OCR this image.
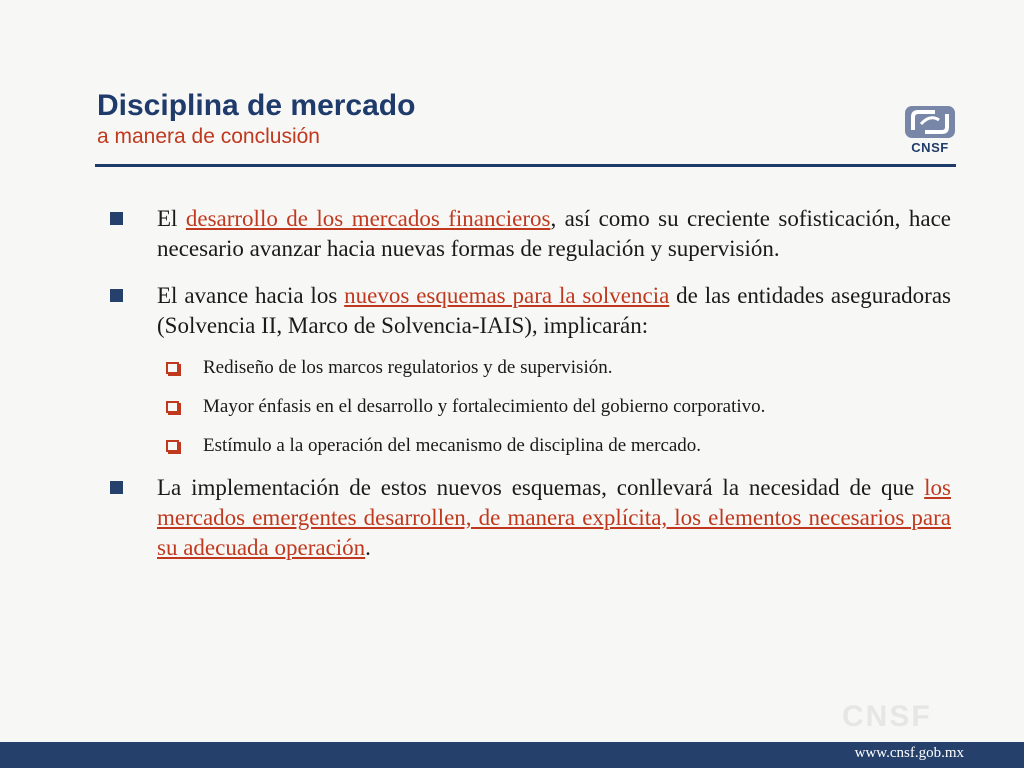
Disciplina de mercado

a manera de conclusión	CNSF

El desarrollo de los mercados financieros, así como su creciente sofisticación, hace necesario avanzar hacia nuevas formas de regulación y supervisión.

El avance hacia los nuevos esquemas para la solvencia de las entidades aseguradoras (Solvencia II, Marco de Solvencia-IAIS), implicarán:

Rediseño de los marcos regulatorios y de supervisión.

Mayor énfasis en el desarrollo y fortalecimiento del gobierno corporativo.

Estímulo a la operación del mecanismo de disciplina de mercado.

La implementación de estos nuevos esquemas, conllevará la necesidad de que los mercados emergentes desarrollen, de manera explícita, los elementos necesarios para su adecuada operación.

CNSF
www.cnsf.gob.mx
